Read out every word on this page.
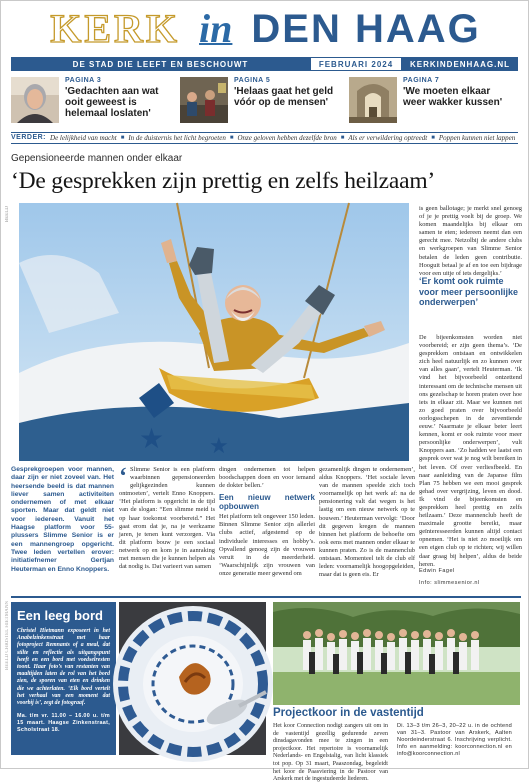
KERK in DEN HAAG
DE STAD DIE LEEFT EN BESCHOUWT	FEBRUARI 2024	KERKINDENHAAG.NL
PAGINA 3
'Gedachten aan wat ooit geweest is helemaal loslaten'
PAGINA 5
'Helaas gaat het geld vóór op de mensen'
PAGINA 7
'We moeten elkaar weer wakker kussen'
VERDER: De lelijkheid van macht ■ In de duisternis het licht begroeten ■ Onze geloven hebben dezelfde bron ■ Als er verwildering optreedt ■ Poppen kunnen niet lappen
Gepensioneerde mannen onder elkaar
‘De gesprekken zijn prettig en zelfs heilzaam’
BEELD
★ ★
is geen ballotage; je merkt snel genoeg of je je prettig voelt bij de groep. We komen maandelijks bij elkaar om samen te eten; iedereen neemt dan een gerecht mee. Netzolbij de andere clubs en werkgroepen van Slimme Senior betalen de leden geen contributie. Hooguit betaal je af en toe een bijdrage voor een uitje of iets dergelijks.’
‘Er komt ook ruimte voor meer persoonlijke onderwerpen’
De bijeenkomsten worden niet voorbereid; er zijn geen thema’s. ‘De gesprekken ontstaan en ontwikkelen zich heel natuurlijk en zo kunnen over van alles gaan’, vertelt Heuterman. ‘Ik vind het bijvoorbeeld ontzettend interessant om de technische mensen uit ons gezelschap te horen praten over hoe iets in elkaar zit. Maar we kunnen net zo goed praten over bijvoorbeeld oorlogsschepen in de zeventiende eeuw.’ Naarmate je elkaar beter leert kennen, komt er ook ruimte voor meer persoonlijke onderwerpen’, vult Knoppers aan. ‘Zo hadden we laatst een gesprek over wat je nog wilt bereiken in het leven. Of over verliesfbeeld. En naar aanleiding van de Japanse film Plan 75 hebben we een mooi gesprek gehad over vergrijzing, leven en dood. Ik vind de bijeenkomsten en gesprekken heel prettig en zelfs heilzaam.’ Deze mannenclub heeft de maximale grootte bereikt, maar geïnteresseerden kunnen altijd contact opnemen. ‘Het is niet zo moeilijk om een eigen club op te richten; wij willen daar graag bij helpen’, aldus de beide heren.
Edwin Fagel
Info: slimmesenior.nl
Gesprekgroepen voor mannen, daar zijn er niet zoveel van. Het heersende beeld is dat mannen liever samen activiteiten ondernemen of met elkaar sporten. Maar dat geldt niet voor iedereen. Vanuit het Haagse platform voor 55-plussers Slimme Senior is er een mannengroep opgericht. Twee leden vertellen erover: initiatiefnemer Gertjan Heuterman en Enno Knoppers.
‘ Slimme Senior is een platform waarbinnen gepensioneerden gelijkgezinden kunnen ontmoeten’, vertelt Enno Knoppers. ‘Het platform is opgericht in de tijd van de slogan: “Een slimme meid is op haar toekomst voorbereid.” Het gaat erom dat je, na je werkzame jaren, je tenen kunt verzorgen. Via dit platform bouw je een sociaal netwerk op en kom je in aanraking met mensen die je kunnen helpen als dat nodig is. Dat varieert van samen
dingen ondernemen tot helpen boodschappen doen en voor iemand de dokter bellen.’
Een nieuw netwerk opbouwen
Het platform telt ongeveer 150 leden. Binnen Slimme Senior zijn allerlei clubs actief, afgestemd op de individuele interesses en hobby’s. Opvallend genoeg zijn de vrouwen veruit in de meerderheid. ‘Waarschijnlijk zijn vrouwen van onze generatie meer gewend om
gezamenlijk dingen te ondernemen’, aldus Knoppers. ‘Het sociale leven van de mannen speelde zich toch voornamelijk op het werk af: na de pensionering valt dat wegen is het lastig om een nieuw netwerk op te bouwen.’ Heuterman vervolgt: ‘Door dit gegeven kregen de mannen binnen het platform de behoefte om ook eens met mannen onder elkaar te kunnen praten. Zo is de mannenclub ontstaan. Momenteel telt de club elf leden: voornamelijk hoogopgeleiden, maar dat is geen eis. Er
BEELD CHRISTEL HIETMANN Een leeg bord
Christel Hietmann exposeert in het Anabelzinkenstraat met haar fotoproject Remnants of a meal, dat stilte en reflectie als uitgangspunt heeft en een bord met voedselresten toont. Haar foto’s van restanten van maaltijden laten de rol van het bord zien, de sporen van eten en drinken die we achterlaten. ‘Elk bord vertelt het verhaal van een moment dat voorbij is’, zegt de fotograaf.
Ma. t/m vr. 11.00 – 16.00 u. t/m 15 maart. Haagse Zinkenstraat, Scholstraat 18.
Projectkoor in de vastentijd
Het koor Connection nodigt zangers uit om in de vastentijd gezellig gedurende zeven dinsdagavonden mee te zingen in een projectkoor. Het repertoire is voornamelijk Nederlands- en Engelstalig, van licht klassiek tot pop. Op 31 maart, Paaszondag, begeleidt het koor de Paasviering in de Pastoor van Arskerk met de ingestudeerde liederen.
Di. 13–3 t/m 26–3, 20–22 u. in de ochtend van 31–3. Pastoor van Arskerk, Aalten Noordeinderstraat 6. Inschrijving verplicht. Info en aanmelding: koorconnection.nl en info@koorconnection.nl
